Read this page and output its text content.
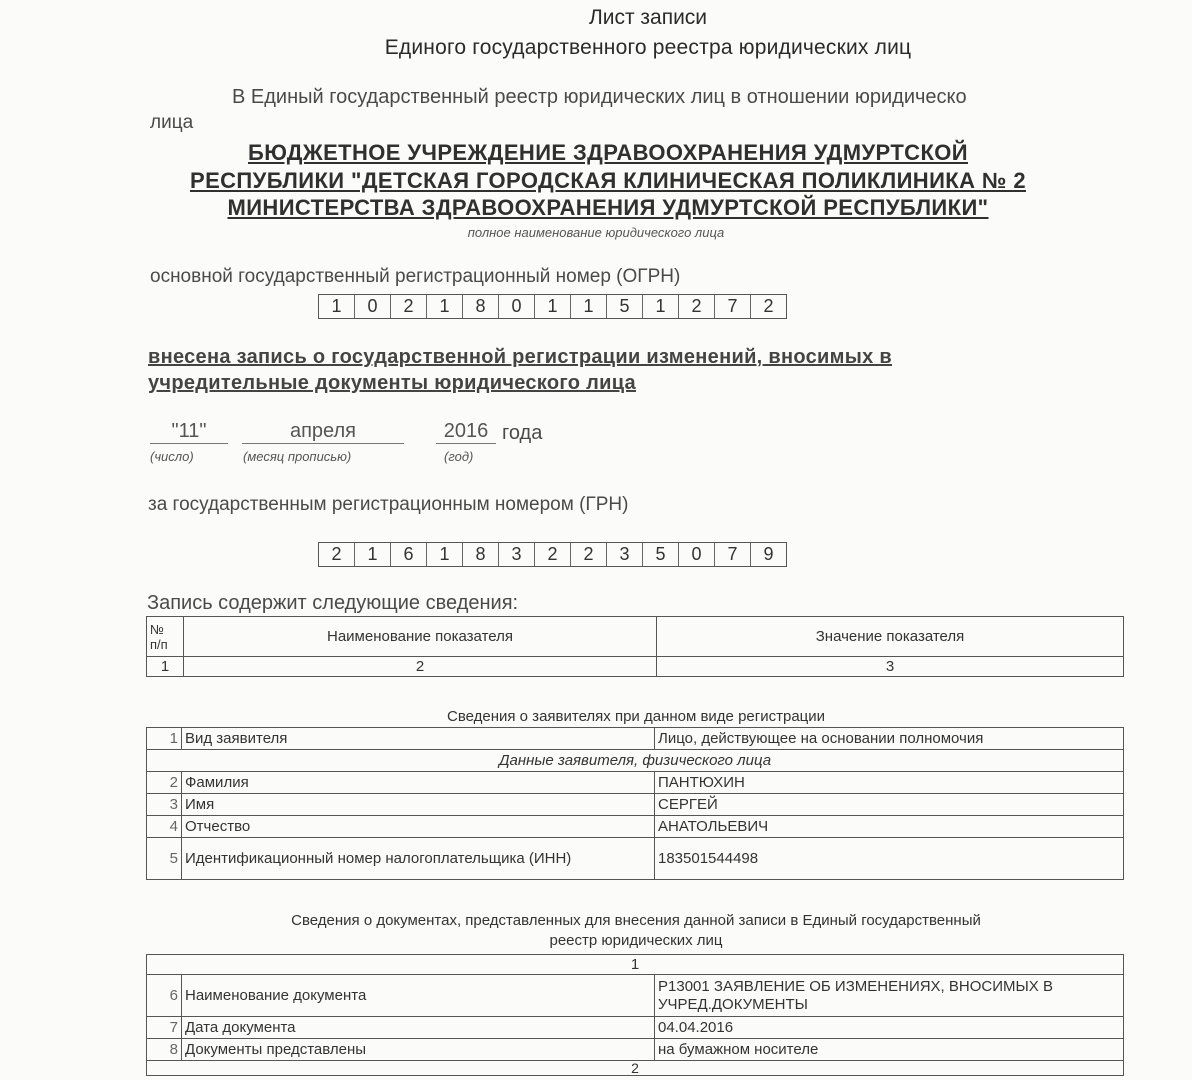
Лист записи
Единого государственного реестра юридических лиц
В Единый государственный реестр юридических лиц в отношении юридическо
лица
БЮДЖЕТНОЕ УЧРЕЖДЕНИЕ ЗДРАВООХРАНЕНИЯ УДМУРТСКОЙ
РЕСПУБЛИКИ "ДЕТСКАЯ ГОРОДСКАЯ КЛИНИЧЕСКАЯ ПОЛИКЛИНИКА № 2
МИНИСТЕРСТВА ЗДРАВООХРАНЕНИЯ УДМУРТСКОЙ РЕСПУБЛИКИ"
полное наименование юридического лица
основной государственный регистрационный номер (ОГРН)
1	0	2	1	8	0	1	1	5	1	2	7	2
внесена запись о государственной регистрации изменений, вносимых в
учредительные документы юридического лица
"11"	апреля	2016 года
(число)	(месяц прописью)	(год)
за государственным регистрационным номером (ГРН)
2	1	6	1	8	3	2	2	3	5	0	7	9
Запись содержит следующие сведения:
№
п/п	Наименование показателя	Значение показателя
1	2	3
Сведения о заявителях при данном виде регистрации
1	Вид заявителя	Лицо, действующее на основании полномочия
Данные заявителя, физического лица		
2	Фамилия	ПАНТЮХИН
3	Имя	СЕРГЕЙ
4	Отчество	АНАТОЛЬЕВИЧ
5	Идентификационный номер налогоплательщика (ИНН)	183501544498
Сведения о документах, представленных для внесения данной записи в Единый государственный
реестр юридических лиц
1		
6	Наименование документа	Р13001 ЗАЯВЛЕНИЕ ОБ ИЗМЕНЕНИЯХ, ВНОСИМЫХ В УЧРЕД.ДОКУМЕНТЫ
7	Дата документа	04.04.2016
8	Документы представлены	на бумажном носителе
2		
